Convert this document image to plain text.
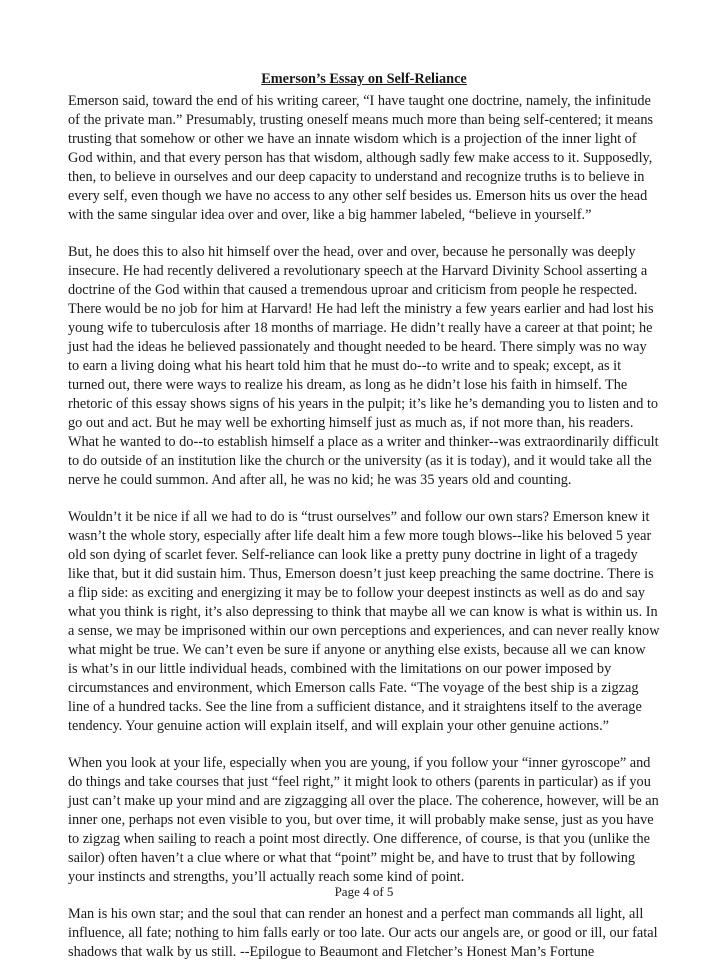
Emerson’s Essay on Self-Reliance

Emerson said, toward the end of his writing career, “I have taught one doctrine, namely, the infinitude
of the private man.” Presumably, trusting oneself means much more than being self-centered; it means
trusting that somehow or other we have an innate wisdom which is a projection of the inner light of
God within, and that every person has that wisdom, although sadly few make access to it. Supposedly,
then, to believe in ourselves and our deep capacity to understand and recognize truths is to believe in
every self, even though we have no access to any other self besides us. Emerson hits us over the head
with the same singular idea over and over, like a big hammer labeled, “believe in yourself.”

But, he does this to also hit himself over the head, over and over, because he personally was deeply
insecure. He had recently delivered a revolutionary speech at the Harvard Divinity School asserting a
doctrine of the God within that caused a tremendous uproar and criticism from people he respected.
There would be no job for him at Harvard! He had left the ministry a few years earlier and had lost his
young wife to tuberculosis after 18 months of marriage. He didn’t really have a career at that point; he
just had the ideas he believed passionately and thought needed to be heard. There simply was no way
to earn a living doing what his heart told him that he must do--to write and to speak; except, as it
turned out, there were ways to realize his dream, as long as he didn’t lose his faith in himself. The
rhetoric of this essay shows signs of his years in the pulpit; it’s like he’s demanding you to listen and to
go out and act. But he may well be exhorting himself just as much as, if not more than, his readers.
What he wanted to do--to establish himself a place as a writer and thinker--was extraordinarily difficult
to do outside of an institution like the church or the university (as it is today), and it would take all the
nerve he could summon. And after all, he was no kid; he was 35 years old and counting.

Wouldn’t it be nice if all we had to do is “trust ourselves” and follow our own stars? Emerson knew it
wasn’t the whole story, especially after life dealt him a few more tough blows--like his beloved 5 year
old son dying of scarlet fever. Self-reliance can look like a pretty puny doctrine in light of a tragedy
like that, but it did sustain him. Thus, Emerson doesn’t just keep preaching the same doctrine. There is
a flip side: as exciting and energizing it may be to follow your deepest instincts as well as do and say
what you think is right, it’s also depressing to think that maybe all we can know is what is within us. In
a sense, we may be imprisoned within our own perceptions and experiences, and can never really know
what might be true. We can’t even be sure if anyone or anything else exists, because all we can know
is what’s in our little individual heads, combined with the limitations on our power imposed by
circumstances and environment, which Emerson calls Fate. “The voyage of the best ship is a zigzag
line of a hundred tacks. See the line from a sufficient distance, and it straightens itself to the average
tendency. Your genuine action will explain itself, and will explain your other genuine actions.”

When you look at your life, especially when you are young, if you follow your “inner gyroscope” and
do things and take courses that just “feel right,” it might look to others (parents in particular) as if you
just can’t make up your mind and are zigzagging all over the place. The coherence, however, will be an
inner one, perhaps not even visible to you, but over time, it will probably make sense, just as you have
to zigzag when sailing to reach a point most directly. One difference, of course, is that you (unlike the
sailor) often haven’t a clue where or what that “point” might be, and have to trust that by following
your instincts and strengths, you’ll actually reach some kind of point.

Man is his own star; and the soul that can render an honest and a perfect man commands all light, all
influence, all fate; nothing to him falls early or too late. Our acts our angels are, or good or ill, our fatal
shadows that walk by us still. --Epilogue to Beaumont and Fletcher’s Honest Man’s Fortune

Page 4 of 5
